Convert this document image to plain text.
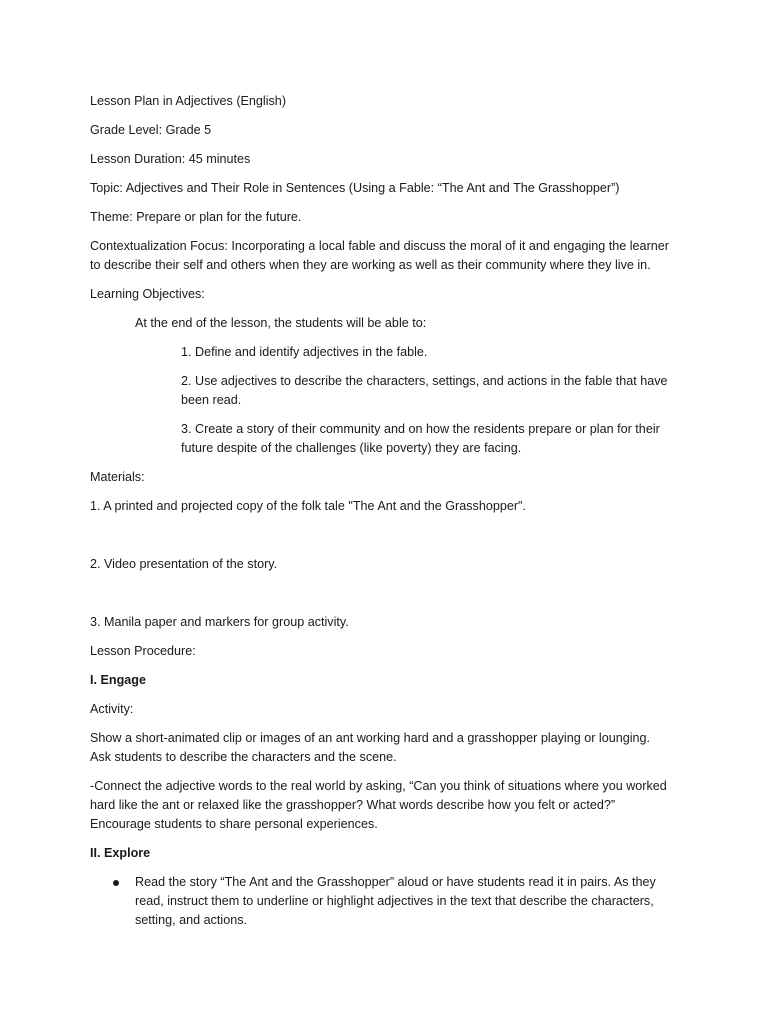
Lesson Plan in Adjectives (English)

Grade Level: Grade 5

Lesson Duration: 45 minutes

Topic: Adjectives and Their Role in Sentences (Using a Fable: “The Ant and The Grasshopper”)

Theme: Prepare or plan for the future.

Contextualization Focus: Incorporating a local fable and discuss the moral of it and engaging the learner to describe their self and others when they are working as well as their community where they live in.

Learning Objectives:

At the end of the lesson, the students will be able to:

1. Define and identify adjectives in the fable.

2. Use adjectives to describe the characters, settings, and actions in the fable that have been read.

3. Create a story of their community and on how the residents prepare or plan for their future despite of the challenges (like poverty) they are facing.

Materials:

1. A printed and projected copy of the folk tale "The Ant and the Grasshopper".

2. Video presentation of the story.

3. Manila paper and markers for group activity.

Lesson Procedure:

I. Engage

Activity:

Show a short-animated clip or images of an ant working hard and a grasshopper playing or lounging. Ask students to describe the characters and the scene.

-Connect the adjective words to the real world by asking, “Can you think of situations where you worked hard like the ant or relaxed like the grasshopper? What words describe how you felt or acted?” Encourage students to share personal experiences.

II. Explore

Read the story “The Ant and the Grasshopper” aloud or have students read it in pairs. As they read, instruct them to underline or highlight adjectives in the text that describe the characters, setting, and actions.
